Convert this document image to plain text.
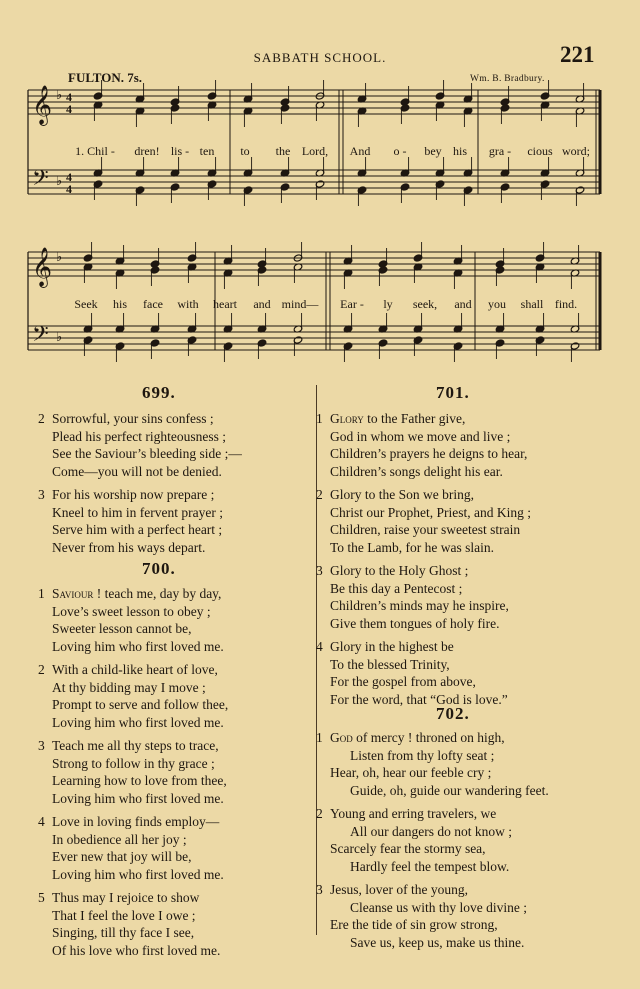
SABBATH SCHOOL.	221
FULTON. 7s.	Wm. B. Bradbury.
𝄞
𝄢
♭
♭
4
4
4
4
1. Chil - dren! lis - ten to the Lord, And o - bey his gra - cious word;
𝄞
𝄢
♭
♭
Seek his face with heart and mind— Ear - ly seek, and you shall find.
699.
2 Sorrowful, your sins confess ;
Plead his perfect righteousness ;
See the Saviour’s bleeding side ;—
Come—you will not be denied.
3 For his worship now prepare ;
Kneel to him in fervent prayer ;
Serve him with a perfect heart ;
Never from his ways depart.
700.
1 Saviour ! teach me, day by day,
Love’s sweet lesson to obey ;
Sweeter lesson cannot be,
Loving him who first loved me.
2 With a child-like heart of love,
At thy bidding may I move ;
Prompt to serve and follow thee,
Loving him who first loved me.
3 Teach me all thy steps to trace,
Strong to follow in thy grace ;
Learning how to love from thee,
Loving him who first loved me.
4 Love in loving finds employ—
In obedience all her joy ;
Ever new that joy will be,
Loving him who first loved me.
5 Thus may I rejoice to show
That I feel the love I owe ;
Singing, till thy face I see,
Of his love who first loved me.
701.
1 Glory to the Father give,
God in whom we move and live ;
Children’s prayers he deigns to hear,
Children’s songs delight his ear.
2 Glory to the Son we bring,
Christ our Prophet, Priest, and King ;
Children, raise your sweetest strain
To the Lamb, for he was slain.
3 Glory to the Holy Ghost ;
Be this day a Pentecost ;
Children’s minds may he inspire,
Give them tongues of holy fire.
4 Glory in the highest be
To the blessed Trinity,
For the gospel from above,
For the word, that “God is love.”
702.
1 God of mercy ! throned on high,
Listen from thy lofty seat ;
Hear, oh, hear our feeble cry ;
Guide, oh, guide our wandering feet.
2 Young and erring travelers, we
All our dangers do not know ;
Scarcely fear the stormy sea,
Hardly feel the tempest blow.
3 Jesus, lover of the young,
Cleanse us with thy love divine ;
Ere the tide of sin grow strong,
Save us, keep us, make us thine.
